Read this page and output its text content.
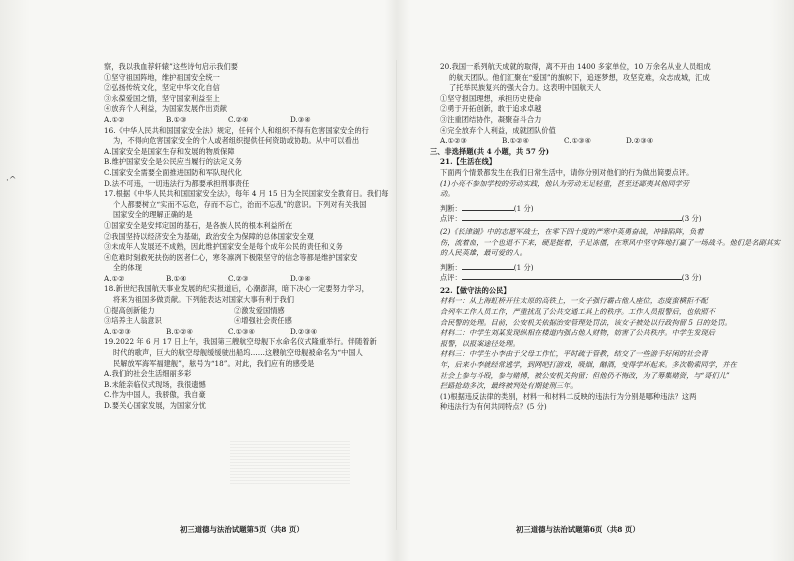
·^
察，我以我血荐轩辕”这些诗句启示我们要
①坚守祖国阵地，维护祖国安全统一
②弘扬传统文化，坚定中华文化自信
③永葆爱国之情，坚守国家利益至上
④放弃个人利益，为国家发展作出贡献
A.①②	B.①③	C.②④	D.③④
16.《中华人民共和国国家安全法》规定，任何个人和组织不得有危害国家安全的行
为，不得向危害国家安全的个人或者组织提供任何资助或协助。从中可以看出
A.国家安全是国家生存和发展的物质保障
B.维护国家安全是公民应当履行的法定义务
C.国家安全需要全面推进国防和军队现代化
D.法不可违，一切违法行为都要承担刑事责任
17.根据《中华人民共和国国家安全法》，每年 4 月 15 日为全民国家安全教育日。我们每
个人都要树立“实而不忘危，存而不忘亡，治而不忘乱”的意识。下列对有关我国
国家安全的理解正确的是
①国家安全是安邦定国的基石，是各族人民的根本利益所在
②我国坚持以经济安全为基础，政治安全为保障的总体国家安全观
③未成年人发展还不成熟，因此维护国家安全是每个成年公民的责任和义务
④危难时刻救死扶伤的医者仁心，寒冬凛冽下极限坚守的信念等都是维护国家安
全的体现
A.①②	B.①④	C.②③	D.③④
18.新世纪我国航天事业发展的纪实报道后，心潮澎湃，暗下决心一定要努力学习，
将来为祖国多做贡献。下列能表达对国家大事有利于我们
①提高创新能力	②激发爱国情感
③培养主人翁意识	④增强社会责任感
A.①②③	B.①②④	C.①③④	D.②③④
19.2022 年 6 月 17 日上午，我国第三艘航空母舰下水命名仪式隆重举行。伴随着新
时代的歌声，巨大的航空母舰缓缓驶出船坞……这艘航空母舰被命名为“中国人
民解放军海军福建舰”，舷号为“18”。对此，我们应有的感受是
A.我们的社会生活细丽多彩
B.未能亲临仪式现场，我很遗憾
C.作为中国人，我骄傲，我自豪
D.要关心国家发展，为国家分忧
初三道德与法治试题第5页（共8 页）
20.我国一系列航天成就的取得，离不开由 1400 多家单位，10 万余名从业人员组成
的航天团队。他们汇聚在“爱国”的旗帜下，追逐梦想，攻坚克难，众志成城，汇成
了托举民族复兴的强大合力。这表明中国航天人
①坚守报国理想，承担历史使命
②勇于开拓创新，敢于追求卓越
③注重团结协作，凝聚奋斗合力
④完全放弃个人利益，成就团队价值
A.①②③	B.①②④	C.①③④	D.②③④
三、非选择题(共 4 小题，共 57 分)
21.【生活在线】
下面两个情景都发生在我们日常生活中，请你分别对他们的行为做出简要点评。
(1)小亮不参加学校的劳动实践，他认为劳动无足轻重，甚至还鄙夷其他同学劳
动。
判断：	(1 分)
点评：	(3 分)
(2)《长津湖》中的志愿军战士，在零下四十度的严寒中英勇奋战，冲锋陷阵，负着
伤，流着血，一个也退不下来，硬是挺着，手足冻僵，在寒风中坚守阵地打赢了一场战斗。他们是名副其实
的人民英雄，最可爱的人。
判断：	(1 分)
点评：	(3 分)
22.【做守法的公民】
材料一：从上海虹桥开往太原的高铁上，一女子强行霸占他人座位，态度蛮横拒不配
合列车工作人员工作，严重扰乱了公共交通工具上的秩序。工作人员报警后，也依照不
合民警的处理。目前，公安机关依据治安管理处罚法，该女子被处以行政拘留 5 日的处罚。
材料二：中学生刘某发现纵相在楼道内强占他人财物，妨害了公共秩序。中学生发现后
报警，以报案途径处理。
材料三：中学生小李由于父母工作忙，平时疏于管教，结交了一些游手好闲的社会青
年，后来小李就经常逃学，到网吧打游戏，吸烟，酗酒，变得学坏起来。多次勒索同学，并在
社会上参与斗殴，参与赌博，被公安机关拘留；但他仍不悔改，为了筹集赌资，与“哥们儿”
拦路抢劫多次，最终被判处有期徒刑三年。
(1)根据违反法律的类别，材料一和材料二反映的违法行为分别是哪种违法？这两
种违法行为有何共同特点？(5 分)
初三道德与法治试题第6页（共8 页）
